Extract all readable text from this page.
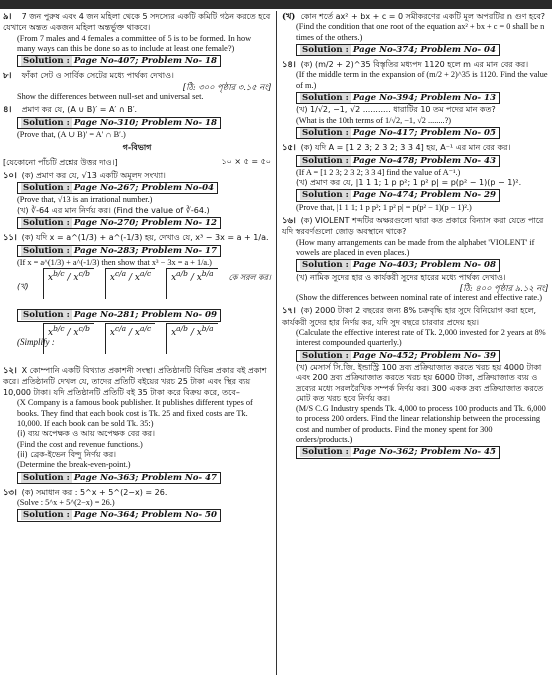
৯। 7 জন পুরুষ এবং 4 জন মহিলা থেকে 5 সদস্যের একটি কমিটি গঠন করতে হবে যেখানে অন্তত একজন মহিলা অন্তর্ভুক্ত থাকবে।
(From 7 males and 4 females a committee of 5 is to be formed. In how many ways can this be done so as to include at least one female?)
Solution : Page No-407; Problem No- 18
৮। ফাঁকা সেট ও সার্বিক সেটের মধ্যে পার্থক্য দেখাও।
[ঠি: ৩০০ পৃষ্ঠার ৩.১৫ নং]
Show the differences between null-set and universal set.
৪। প্রমাণ কর যে, (A ∪ B)′ = A′ ∩ B′.
Solution : Page No-310; Problem No- 18
(Prove that, (A ∪ B)′ = A′ ∩ B′.)
গ-বিভাগ
[যেকোনো পাঁচটি প্রশ্নের উত্তর দাও।]	১০ × ৫ = ৫০
১০। (ক) প্রমাণ কর যে, √13 একটি অমূলদ সংখ্যা।
Solution : Page No-267; Problem No-04
(Prove that, √13 is an irrational number.)
(খ) ∛-64 এর মান নির্ণয় কর। (Find the value of ∛-64.)
Solution : Page No-270; Problem No- 12
১১। (ক) যদি x = a^(1/3) + a^(-1/3) হয়, দেখাও যে, x³ − 3x = a + 1/a.
Solution : Page No-283; Problem No- 17
(If x = a^(1/3) + a^(-1/3) then show that x³ − 3x = a + 1/a.)
(খ)
$x^{b/c} / x^{c/b}$ $x^{c/a} / x^{a/c}$ $x^{a/b} / x^{b/a}$ কে সরল কর।
Solution : Page No-281; Problem No- 09
(Simplify :
$x^{b/c} / x^{c/b}$ $x^{c/a} / x^{a/c}$ $x^{a/b} / x^{b/a}$
১২। X কোম্পানি একটি বিখ্যাত প্রকাশনী সংস্থা। প্রতিষ্ঠানটি বিভিন্ন প্রকার বই প্রকাশ করে। প্রতিষ্ঠানটি দেখল যে, তাদের প্রতিটি বইয়ের খরচ 25 টাকা এবং স্থির ব্যয় 10,000 টাকা। যদি প্রতিষ্ঠানটি প্রতিটি বই 35 টাকা করে বিক্রয় করে, তবে–
(X Company is a famous book publisher. It publishes different types of books. They find that each book cost is Tk. 25 and fixed costs are Tk. 10,000. If each book can be sold Tk. 35:)
(i) ব্যয় অপেক্ষক ও আয় অপেক্ষক বের কর।
(Find the cost and revenue functions.)
(ii) ব্রেক-ইভেন বিন্দু নির্ণয় কর।
(Determine the break-even-point.)
Solution : Page No-363; Problem No- 47
১৩। (ক) সমাধান কর : 5^x + 5^(2−x) = 26.
(Solve : 5^x + 5^(2−x) = 26.)
Solution : Page No-364; Problem No- 50
(খ) কোন শর্তে ax² + bx + c = 0 সমীকরণের একটি মূল অপরটির n গুণ হবে?
(Find the condition that one root of the equation ax² + bx + c = 0 shall be n times of the others.)
Solution : Page No-374; Problem No- 04
১৪। (ক) (m/2 + 2)^35 বিস্তৃতির মধ্যপদ 1120 হলে m এর মান বের কর।
(If the middle term in the expansion of (m/2 + 2)^35 is 1120. Find the value of m.)
Solution : Page No-394; Problem No- 13
(খ) 1/√2, −1, √2 ........... ধারাটির 10 তম পদের মান কত?
(What is the 10th terms of 1/√2, −1, √2 ........?)
Solution : Page No-417; Problem No- 05
১৫। (ক) যদি A = [1 2 3; 2 3 2; 3 3 4] হয়, A⁻¹ এর মান বের কর।
Solution : Page No-478; Problem No- 43
(If A = [1 2 3; 2 3 2; 3 3 4] find the value of A⁻¹.)
(খ) প্রমাণ কর যে, |1 1 1; 1 p p²; 1 p² p| = p(p² − 1)(p − 1)².
Solution : Page No-474; Problem No- 29
(Prove that, |1 1 1; 1 p p²; 1 p² p| = p(p² − 1)(p − 1)².)
১৬। (ক) VIOLENT শব্দটির অক্ষরগুলো দ্বারা কত প্রকারে বিন্যাস করা যেতে পারে যদি স্বরবর্ণগুলো জোড় অবস্থানে থাকে?
(How many arrangements can be made from the alphabet 'VIOLENT' if vowels are placed in even places.)
Solution : Page No-403; Problem No- 08
(খ) নামিক সুদের হার ও কার্যকরী সুদের হারের মধ্যে পার্থক্য দেখাও।
[ঠি: ৪০০ পৃষ্ঠার ৯.১২ নং]
(Show the differences between nominal rate of interest and effective rate.)
১৭। (ক) 2000 টাকা 2 বছরের জন্য 8% চক্রবৃদ্ধি হার সুদে বিনিয়োগ করা হলে, কার্যকরী সুদের হার নির্ণয় কর, যদি সুদ বছরে চারবার প্রদেয় হয়।
(Calculate the effective interest rate of Tk. 2,000 invested for 2 years at 8% interest compounded quarterly.)
Solution : Page No-452; Problem No- 39
(খ) মেসার্স সি.জি. ইন্ডাস্ট্রি 100 দ্রব্য প্রক্রিয়াজাত করতে খরচ হয় 4000 টাকা এবং 200 দ্রব্য প্রক্রিয়াজাত করতে খরচ হয় 6000 টাকা, প্রক্রিয়াজাত ব্যয় ও দ্রব্যের মধ্যে সরলরৈখিক সম্পর্ক নির্ণয় কর। 300 একক দ্রব্য প্রক্রিয়াজাত করতে মোট কত খরচ হবে নির্ণয় কর।
(M/S C.G Industry spends Tk. 4,000 to process 100 products and Tk. 6,000 to process 200 orders. Find the linear relationship between the processing cost and number of products. Find the money spent for 300 orders/products.)
Solution : Page No-362; Problem No- 45
